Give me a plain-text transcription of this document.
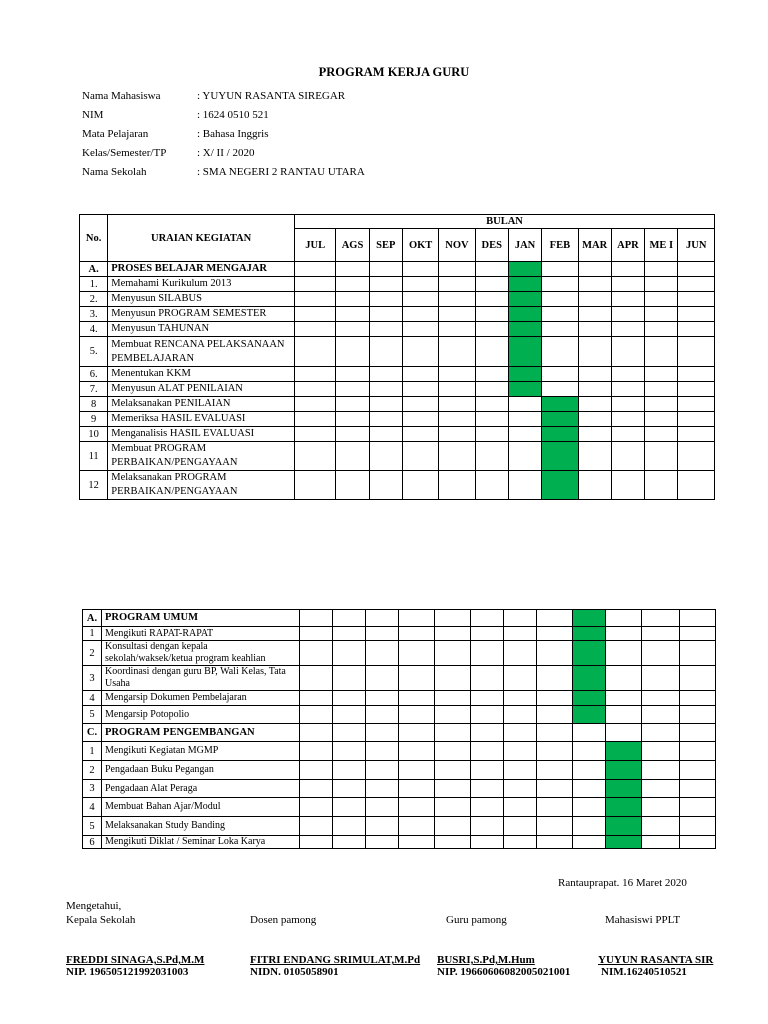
PROGRAM KERJA GURU
Nama Mahasiswa	: YUYUN RASANTA SIREGAR
NIM	: 1624 0510 521
Mata Pelajaran	: Bahasa Inggris
Kelas/Semester/TP	: X/ II / 2020
Nama Sekolah	: SMA NEGERI 2 RANTAU UTARA
No.	URAIAN KEGIATAN	BULAN											
		JUL	AGS	SEP	OKT	NOV	DES	JAN	FEB	MAR	APR	ME I	JUN
A.	PROSES BELAJAR MENGAJAR												
1.	Memahami Kurikulum 2013												
2.	Menyusun SILABUS												
3.	Menyusun PROGRAM SEMESTER												
4.	Menyusun TAHUNAN												
5.	Membuat RENCANA PELAKSANAAN PEMBELAJARAN												
6.	Menentukan KKM												
7.	Menyusun ALAT PENILAIAN												
8	Melaksanakan PENILAIAN												
9	Memeriksa HASIL EVALUASI												
10	Menganalisis HASIL EVALUASI												
11	Membuat PROGRAM PERBAIKAN/PENGAYAAN												
12	Melaksanakan PROGRAM PERBAIKAN/PENGAYAAN												
A.	PROGRAM UMUM												
1	Mengikuti RAPAT-RAPAT												
2	Konsultasi dengan kepala sekolah/waksek/ketua program keahlian												
3	Koordinasi dengan guru BP, Wali Kelas, Tata Usaha												
4	Mengarsip Dokumen Pembelajaran												
5	Mengarsip Potopolio												
C.	PROGRAM PENGEMBANGAN												
1	Mengikuti Kegiatan MGMP												
2	Pengadaan Buku Pegangan												
3	Pengadaan Alat Peraga												
4	Membuat Bahan Ajar/Modul												
5	Melaksanakan Study Banding												
6	Mengikuti Diklat / Seminar Loka Karya												
Rantauprapat. 16 Maret 2020
Mengetahui,
Kepala Sekolah
FREDDI SINAGA,S.Pd,M.M
NIP. 196505121992031003
Dosen pamong
FITRI ENDANG SRIMULAT,M.Pd
NIDN. 0105058901
Guru pamong
BUSRI,S.Pd,M.Hum
NIP. 19660606082005021001
Mahasiswi PPLT
YUYUN RASANTA SIR
NIM.16240510521
